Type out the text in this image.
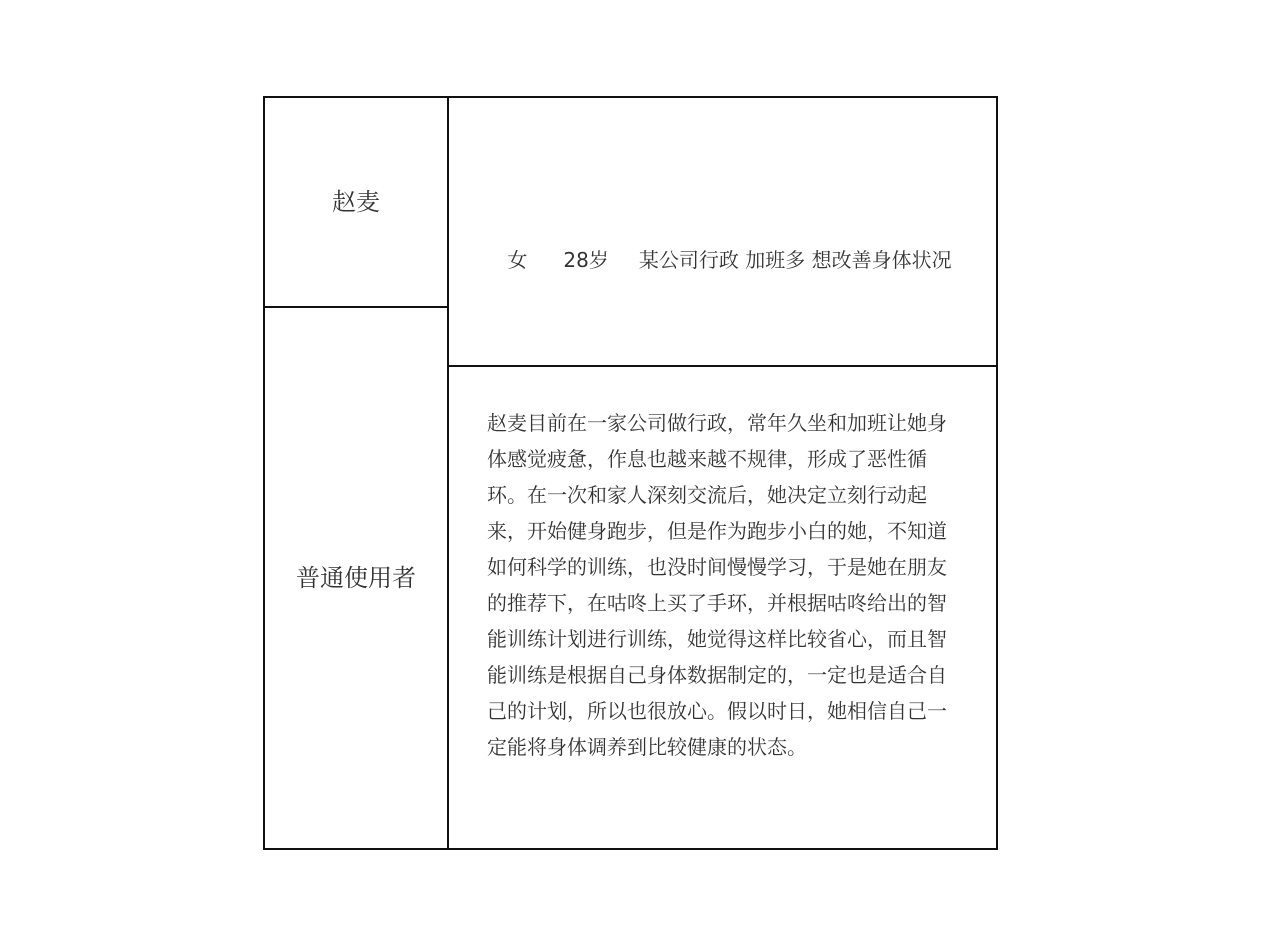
赵麦
普通使用者
女 28岁 某公司行政 加班多 想改善身体状况

赵麦目前在一家公司做行政，常年久坐和加班让她身体感觉疲惫，作息也越来越不规律，形成了恶性循环。在一次和家人深刻交流后，她决定立刻行动起来，开始健身跑步，但是作为跑步小白的她，不知道如何科学的训练，也没时间慢慢学习，于是她在朋友的推荐下，在咕咚上买了手环，并根据咕咚给出的智能训练计划进行训练，她觉得这样比较省心，而且智能训练是根据自己身体数据制定的，一定也是适合自己的计划，所以也很放心。假以时日，她相信自己一定能将身体调养到比较健康的状态。
